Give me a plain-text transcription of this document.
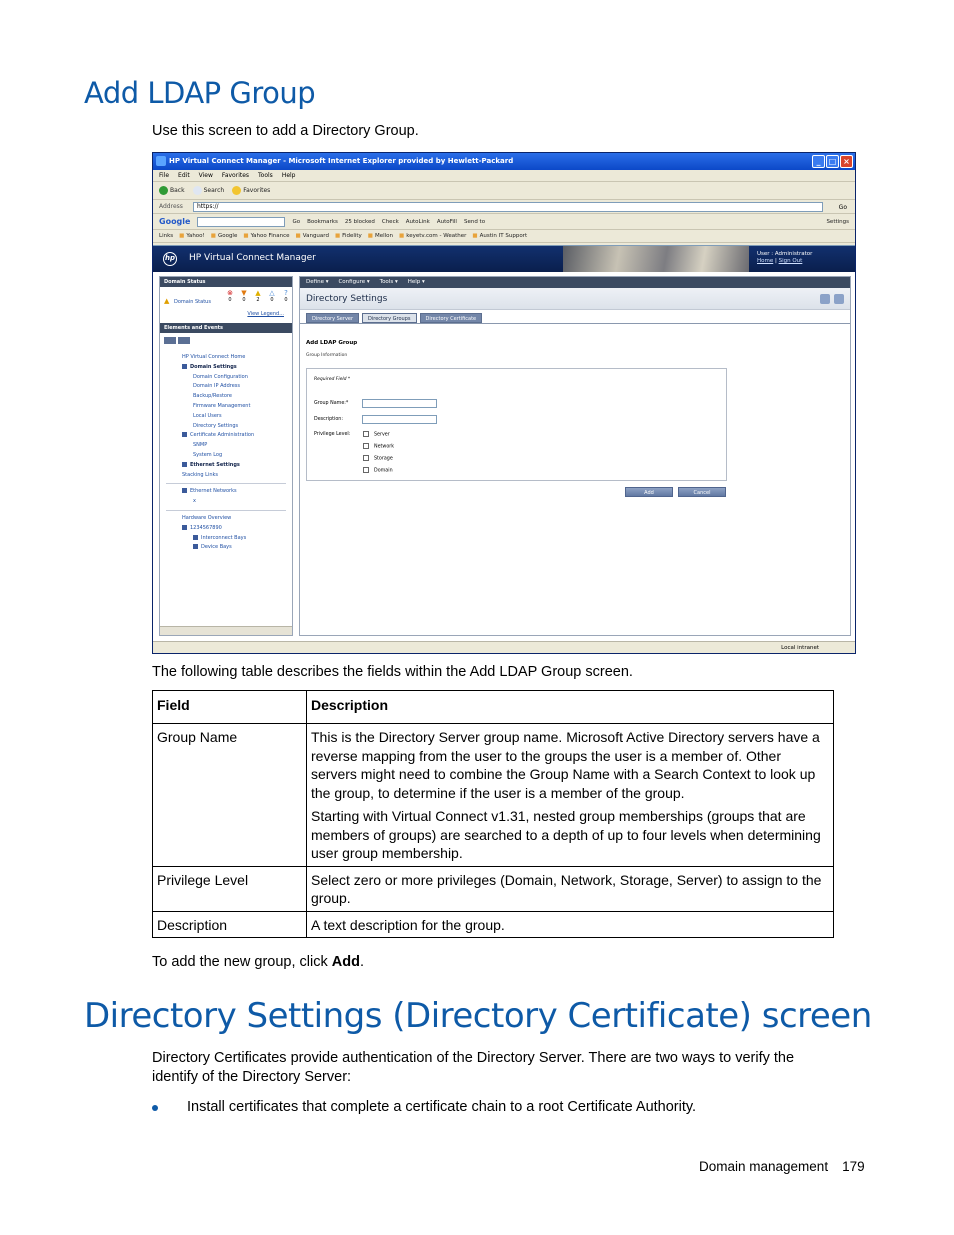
Add LDAP Group

Use this screen to add a Directory Group.

HP Virtual Connect Manager - Microsoft Internet Explorer provided by Hewlett-Packard	_	□ ×
File Edit View Favorites Tools Help
Back	Search	Favorites
Address	https://	Go
Google	Go Bookmarks 25 blocked Check AutoLink AutoFill Send to	Settings
Links	■ Yahoo!	■ Google	■ Yahoo Finance	■ Vanguard	■ Fidelity	■ Mellon	■ keyetv.com - Weather	■ Austin IT Support
hp HP Virtual Connect Manager	User : Administrator
Home | Sign Out
Domain Status
▲ Domain Status
⊗
0
▼
0
▲
2
△
0
?
0
View Legend...
Elements and Events
HP Virtual Connect Home
Domain Settings
Domain Configuration
Domain IP Address
Backup/Restore
Firmware Management
Local Users
Directory Settings
Certificate Administration
SNMP
System Log
Ethernet Settings
Stacking Links
Ethernet Networks
x
Hardware Overview
1234567890
Interconnect Bays
Device Bays
Define ▾ Configure ▾ Tools ▾ Help ▾
Directory Settings
Directory Server	Directory Groups	Directory Certificate
Add LDAP Group
Group Information
Required Field *
Group Name:*
Description:
Privilege Level:	Server
Network
Storage
Domain
Add	Cancel
Local intranet

The following table describes the fields within the Add LDAP Group screen.

Field	Description
Group Name	This is the Directory Server group name. Microsoft Active Directory servers have a reverse mapping from the user to the groups the user is a member of. Other servers might need to combine the Group Name with a Search Context to look up the group, to determine if the user is a member of the group.

Starting with Virtual Connect v1.31, nested group memberships (groups that are members of groups) are searched to a depth of up to four levels when determining user group membership.

Privilege Level	Select zero or more privileges (Domain, Network, Storage, Server) to assign to the group.
Description	A text description for the group.

To add the new group, click Add.

Directory Settings (Directory Certificate) screen

Directory Certificates provide authentication of the Directory Server. There are two ways to verify the identify of the Directory Server:

Install certificates that complete a certificate chain to a root Certificate Authority.
Domain management 179
